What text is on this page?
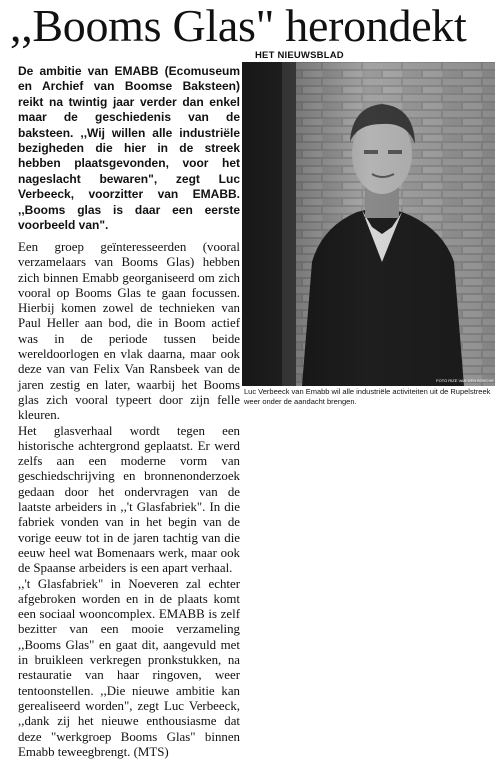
,,Booms Glas" herondekt
HET NIEUWSBLAD
De ambitie van EMABB (Ecomuseum en Archief van Boomse Baksteen) reikt na twintig jaar verder dan enkel maar de geschiedenis van de baksteen. ,,Wij willen alle industriële bezigheden die hier in de streek hebben plaatsgevonden, voor het nageslacht bewaren", zegt Luc Verbeeck, voorzitter van EMABB. ,,Booms glas is daar een eerste voorbeeld van".

Een groep geïnteresseerden (vooral verzamelaars van Booms Glas) hebben zich binnen Emabb georganiseerd om zich vooral op Booms Glas te gaan focussen. Hierbij komen zowel de technieken van Paul Heller aan bod, die in Boom actief was in de periode tussen beide wereldoorlogen en vlak daarna, maar ook deze van van Felix Van Ransbeek van de jaren zestig en later, waarbij het Booms glas zich vooral typeert door zijn felle kleuren.

Het glasverhaal wordt tegen een historische achtergrond geplaatst. Er werd zelfs aan een moderne vorm van geschiedschrijving en bronnenonderzoek gedaan door het ondervragen van de laatste arbeiders in ,,'t Glasfabriek". In die fabriek vonden van in het begin van de vorige eeuw tot in de jaren tachtig van die eeuw heel wat Bomenaars werk, maar ook de Spaanse arbeiders is een apart verhaal.

,,'t Glasfabriek" in Noeveren zal echter afgebroken worden en in de plaats komt een sociaal wooncomplex. EMABB is zelf bezitter van een mooie verzameling ,,Booms Glas" en gaat dit, aangevuld met in bruikleen verkregen pronkstukken, na restauratie van haar ringoven, weer tentoonstellen. ,,Die nieuwe ambitie kan gerealiseerd worden", zegt Luc Verbeeck, ,,dank zij het nieuwe enthousiasme dat deze "werkgroep Booms Glas" binnen Emabb teweegbrengt. (MTS)

FOTO RIZE VAN DEN BOSCHE
Luc Verbeeck van Emabb wil alle industriële activiteiten uit de Rupelstreek weer onder de aandacht brengen.
